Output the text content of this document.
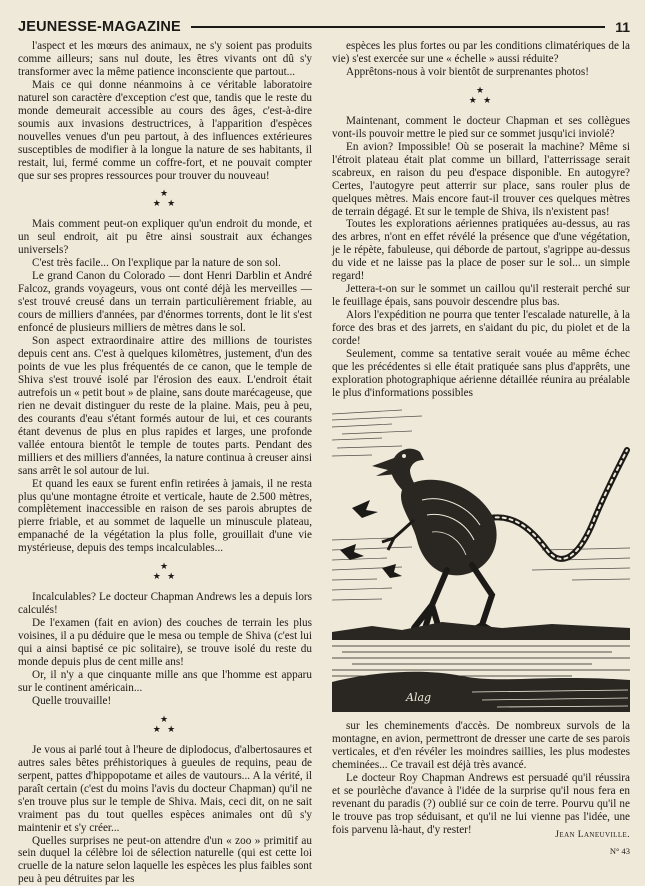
JEUNESSE-MAGAZINE	11

l'aspect et les mœurs des animaux, ne s'y soient pas produits comme ailleurs; sans nul doute, les êtres vivants ont dû s'y transformer avec la même patience inconsciente que partout...

Mais ce qui donne néanmoins à ce véritable laboratoire naturel son caractère d'exception c'est que, tandis que le reste du monde demeurait accessible au cours des âges, c'est-à-dire soumis aux invasions destructrices, à l'apparition d'espèces nouvelles venues d'un peu partout, à des influences extérieures susceptibles de modifier à la longue la nature de ses habitants, il restait, lui, fermé comme un coffre-fort, et ne pouvait compter que sur ses propres ressources pour trouver du nouveau!

★
★ ★

Mais comment peut-on expliquer qu'un endroit du monde, et un seul endroit, ait pu être ainsi soustrait aux échanges universels?

C'est très facile... On l'explique par la nature de son sol.

Le grand Canon du Colorado — dont Henri Darblin et André Falcoz, grands voyageurs, vous ont conté déjà les merveilles — s'est trouvé creusé dans un terrain particulièrement friable, au cours de milliers d'années, par d'énormes torrents, dont le lit s'est enfoncé de plusieurs milliers de mètres dans le sol.

Son aspect extraordinaire attire des millions de touristes depuis cent ans. C'est à quelques kilomètres, justement, d'un des points de vue les plus fréquentés de ce canon, que le temple de Shiva s'est trouvé isolé par l'érosion des eaux. L'endroit était autrefois un « petit bout » de plaine, sans doute marécageuse, que rien ne devait distinguer du reste de la plaine. Mais, peu à peu, des courants d'eau s'étant formés autour de lui, et ces courants étant devenus de plus en plus rapides et larges, une profonde vallée entoura bientôt le temple de toutes parts. Pendant des milliers et des milliers d'années, la nature continua à creuser ainsi sans arrêt le sol autour de lui.

Et quand les eaux se furent enfin retirées à jamais, il ne resta plus qu'une montagne étroite et verticale, haute de 2.500 mètres, complètement inaccessible en raison de ses parois abruptes de pierre friable, et au sommet de laquelle un minuscule plateau, empanaché de la végétation la plus folle, grouillait d'une vie mystérieuse, depuis des temps incalculables...

★
★ ★

Incalculables? Le docteur Chapman Andrews les a depuis lors calculés!

De l'examen (fait en avion) des couches de terrain les plus voisines, il a pu déduire que le mesa ou temple de Shiva (c'est lui qui a ainsi baptisé ce pic solitaire), se trouve isolé du reste du monde depuis plus de cent mille ans!

Or, il n'y a que cinquante mille ans que l'homme est apparu sur le continent américain...

Quelle trouvaille!

★
★ ★

Je vous ai parlé tout à l'heure de diplodocus, d'albertosaures et autres sales bêtes préhistoriques à gueules de requins, peau de serpent, pattes d'hippopotame et ailes de vautours... A la vérité, il paraît certain (c'est du moins l'avis du docteur Chapman) qu'il ne s'en trouve plus sur le temple de Shiva. Mais, ceci dit, on ne sait vraiment pas du tout quelles espèces animales ont dû s'y maintenir et s'y créer...

Quelles surprises ne peut-on attendre d'un « zoo » primitif au sein duquel la célèbre loi de sélection naturelle (qui est cette loi cruelle de la nature selon laquelle les espèces les plus faibles sont peu à peu détruites par les

espèces les plus fortes ou par les conditions climatériques de la vie) s'est exercée sur une « échelle » aussi réduite?

Apprêtons-nous à voir bientôt de surprenantes photos!

★
★ ★

Maintenant, comment le docteur Chapman et ses collègues vont-ils pouvoir mettre le pied sur ce sommet jusqu'ici inviolé?

En avion? Impossible! Où se poserait la machine? Même si l'étroit plateau était plat comme un billard, l'atterrissage serait scabreux, en raison du peu d'espace disponible. En autogyre? Certes, l'autogyre peut atterrir sur place, sans rouler plus de quelques mètres. Mais encore faut-il trouver ces quelques mètres de terrain dégagé. Et sur le temple de Shiva, ils n'existent pas!

Toutes les explorations aériennes pratiquées au-dessus, au ras des arbres, n'ont en effet révélé la présence que d'une végétation, je le répète, fabuleuse, qui déborde de partout, s'agrippe au-dessus du vide et ne laisse pas la place de poser sur le sol... un simple regard!

Jettera-t-on sur le sommet un caillou qu'il resterait perché sur le feuillage épais, sans pouvoir descendre plus bas.

Alors l'expédition ne pourra que tenter l'escalade naturelle, à la force des bras et des jarrets, en s'aidant du pic, du piolet et de la corde!

Seulement, comme sa tentative serait vouée au même échec que les précédentes si elle était pratiquée sans plus d'apprêts, une exploration photographique aérienne détaillée réunira au préalable le plus d'informations possibles

Alag

sur les cheminements d'accès. De nombreux survols de la montagne, en avion, permettront de dresser une carte de ses parois verticales, et d'en révéler les moindres saillies, les plus modestes cheminées... Ce travail est déjà très avancé.

Le docteur Roy Chapman Andrews est persuadé qu'il réussira et se pourlèche d'avance à l'idée de la surprise qu'il nous fera en revenant du paradis (?) oublié sur ce coin de terre. Pourvu qu'il ne le trouve pas trop séduisant, et qu'il ne lui vienne pas l'idée, une fois parvenu là-haut, d'y rester!	Jean Laneuville.
N° 43
